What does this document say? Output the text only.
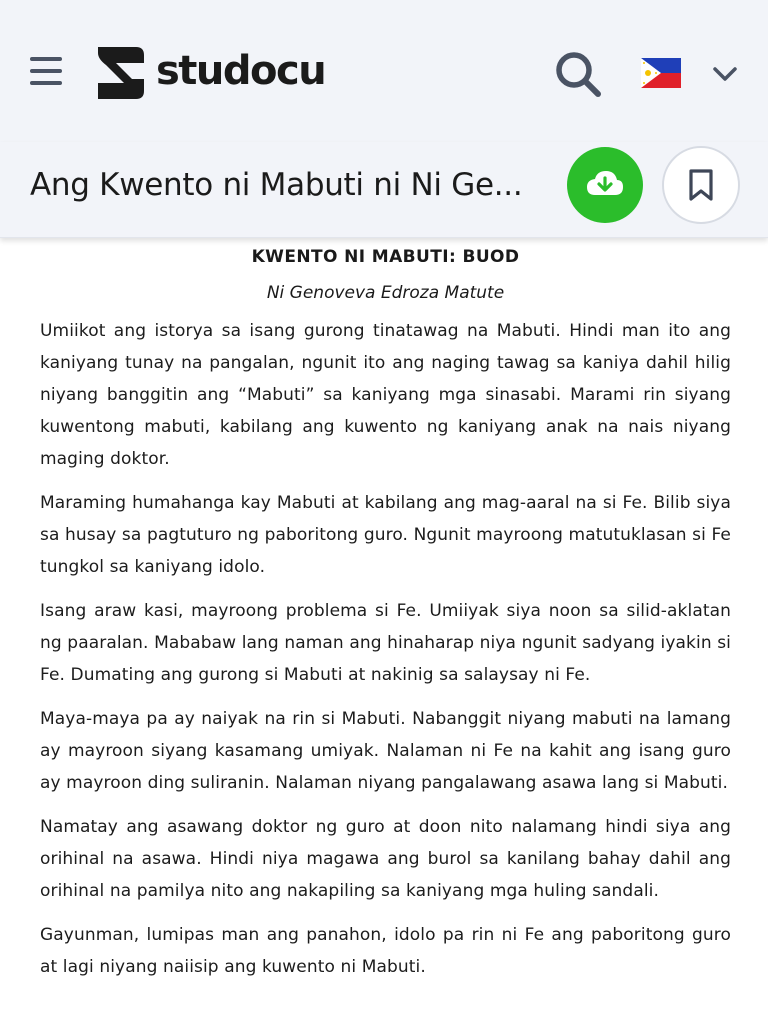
studocu
Ang Kwento ni Mabuti ni Ni Ge...
KWENTO NI MABUTI: BUOD
Ni Genoveva Edroza Matute

Umiikot ang istorya sa isang gurong tinatawag na Mabuti. Hindi man ito ang kaniyang tunay na pangalan, ngunit ito ang naging tawag sa kaniya dahil hilig niyang banggitin ang “Mabuti” sa kaniyang mga sinasabi. Marami rin siyang kuwentong mabuti, kabilang ang kuwento ng kaniyang anak na nais niyang maging doktor.

Maraming humahanga kay Mabuti at kabilang ang mag-aaral na si Fe. Bilib siya sa husay sa pagtuturo ng paboritong guro. Ngunit mayroong matutuklasan si Fe tungkol sa kaniyang idolo.

Isang araw kasi, mayroong problema si Fe. Umiiyak siya noon sa silid-aklatan ng paaralan. Mababaw lang naman ang hinaharap niya ngunit sadyang iyakin si Fe. Dumating ang gurong si Mabuti at nakinig sa salaysay ni Fe.

Maya-maya pa ay naiyak na rin si Mabuti. Nabanggit niyang mabuti na lamang ay mayroon siyang kasamang umiyak. Nalaman ni Fe na kahit ang isang guro ay mayroon ding suliranin. Nalaman niyang pangalawang asawa lang si Mabuti.

Namatay ang asawang doktor ng guro at doon nito nalamang hindi siya ang orihinal na asawa. Hindi niya magawa ang burol sa kanilang bahay dahil ang orihinal na pamilya nito ang nakapiling sa kaniyang mga huling sandali.

Gayunman, lumipas man ang panahon, idolo pa rin ni Fe ang paboritong guro at lagi niyang naiisip ang kuwento ni Mabuti.
